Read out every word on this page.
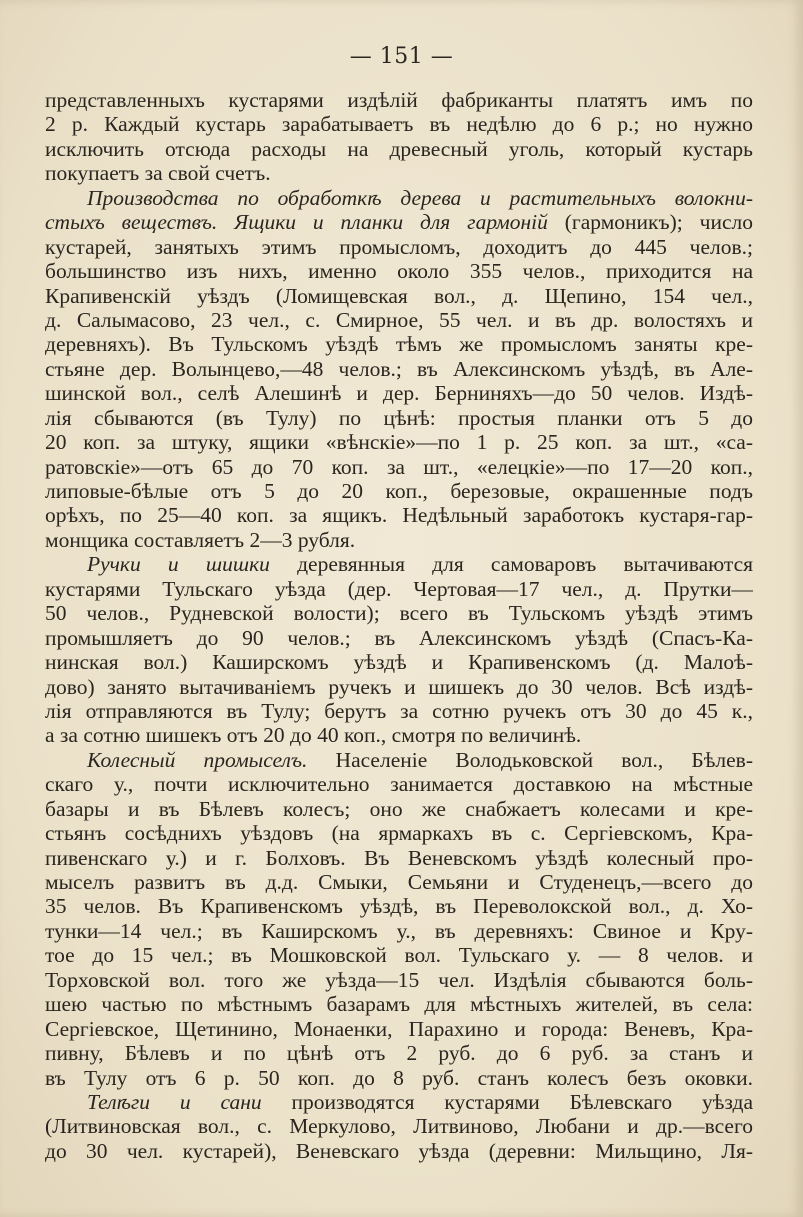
— 151 —
представленныхъ кустарями издѣлій фабриканты платятъ имъ по
2 р. Каждый кустарь зарабатываетъ въ недѣлю до 6 р.; но нужно
исключить отсюда расходы на древесный уголь, который кустарь
покупаетъ за свой счетъ.
Производства по обработкѣ дерева и растительныхъ волокни-
стыхъ веществъ. Ящики и планки для гармоній (гармоникъ); число
кустарей, занятыхъ этимъ промысломъ, доходитъ до 445 челов.;
большинство изъ нихъ, именно около 355 челов., приходится на
Крапивенскій уѣздъ (Ломищевская вол., д. Щепино, 154 чел.,
д. Салымасово, 23 чел., с. Смирное, 55 чел. и въ др. волостяхъ и
деревняхъ). Въ Тульскомъ уѣздѣ тѣмъ же промысломъ заняты кре-
стьяне дер. Волынцево,—48 челов.; въ Алексинскомъ уѣздѣ, въ Але-
шинской вол., селѣ Алешинѣ и дер. Берниняхъ—до 50 челов. Издѣ-
лія сбываются (въ Тулу) по цѣнѣ: простыя планки отъ 5 до
20 коп. за штуку, ящики «вѣнскіе»—по 1 р. 25 коп. за шт., «са-
ратовскіе»—отъ 65 до 70 коп. за шт., «елецкіе»—по 17—20 коп.,
липовые-бѣлые отъ 5 до 20 коп., березовые, окрашенные подъ
орѣхъ, по 25—40 коп. за ящикъ. Недѣльный заработокъ кустаря-гар-
монщика составляетъ 2—3 рубля.
Ручки и шишки деревянныя для самоваровъ вытачиваются
кустарями Тульскаго уѣзда (дер. Чертовая—17 чел., д. Прутки—
50 челов., Рудневской волости); всего въ Тульскомъ уѣздѣ этимъ
промышляетъ до 90 челов.; въ Алексинскомъ уѣздѣ (Спасъ-Ка-
нинская вол.) Каширскомъ уѣздѣ и Крапивенскомъ (д. Малоѣ-
дово) занято вытачиваніемъ ручекъ и шишекъ до 30 челов. Всѣ издѣ-
лія отправляются въ Тулу; берутъ за сотню ручекъ отъ 30 до 45 к.,
а за сотню шишекъ отъ 20 до 40 коп., смотря по величинѣ.
Колесный промыселъ. Населеніе Володьковской вол., Бѣлев-
скаго у., почти исключительно занимается доставкою на мѣстные
базары и въ Бѣлевъ колесъ; оно же снабжаетъ колесами и кре-
стьянъ сосѣднихъ уѣздовъ (на ярмаркахъ въ с. Сергіевскомъ, Кра-
пивенскаго у.) и г. Болховъ. Въ Веневскомъ уѣздѣ колесный про-
мыселъ развитъ въ д.д. Смыки, Семьяни и Студенецъ,—всего до
35 челов. Въ Крапивенскомъ уѣздѣ, въ Переволокской вол., д. Хо-
тунки—14 чел.; въ Каширскомъ у., въ деревняхъ: Свиное и Кру-
тое до 15 чел.; въ Мошковской вол. Тульскаго у. — 8 челов. и
Торховской вол. того же уѣзда—15 чел. Издѣлія сбываются боль-
шею частью по мѣстнымъ базарамъ для мѣстныхъ жителей, въ села:
Сергіевское, Щетинино, Монаенки, Парахино и города: Веневъ, Кра-
пивну, Бѣлевъ и по цѣнѣ отъ 2 руб. до 6 руб. за станъ и
въ Тулу отъ 6 р. 50 коп. до 8 руб. станъ колесъ безъ оковки.
Телѣги и сани производятся кустарями Бѣлевскаго уѣзда
(Литвиновская вол., с. Меркулово, Литвиново, Любани и др.—всего
до 30 чел. кустарей), Веневскаго уѣзда (деревни: Мильщино, Ля-
